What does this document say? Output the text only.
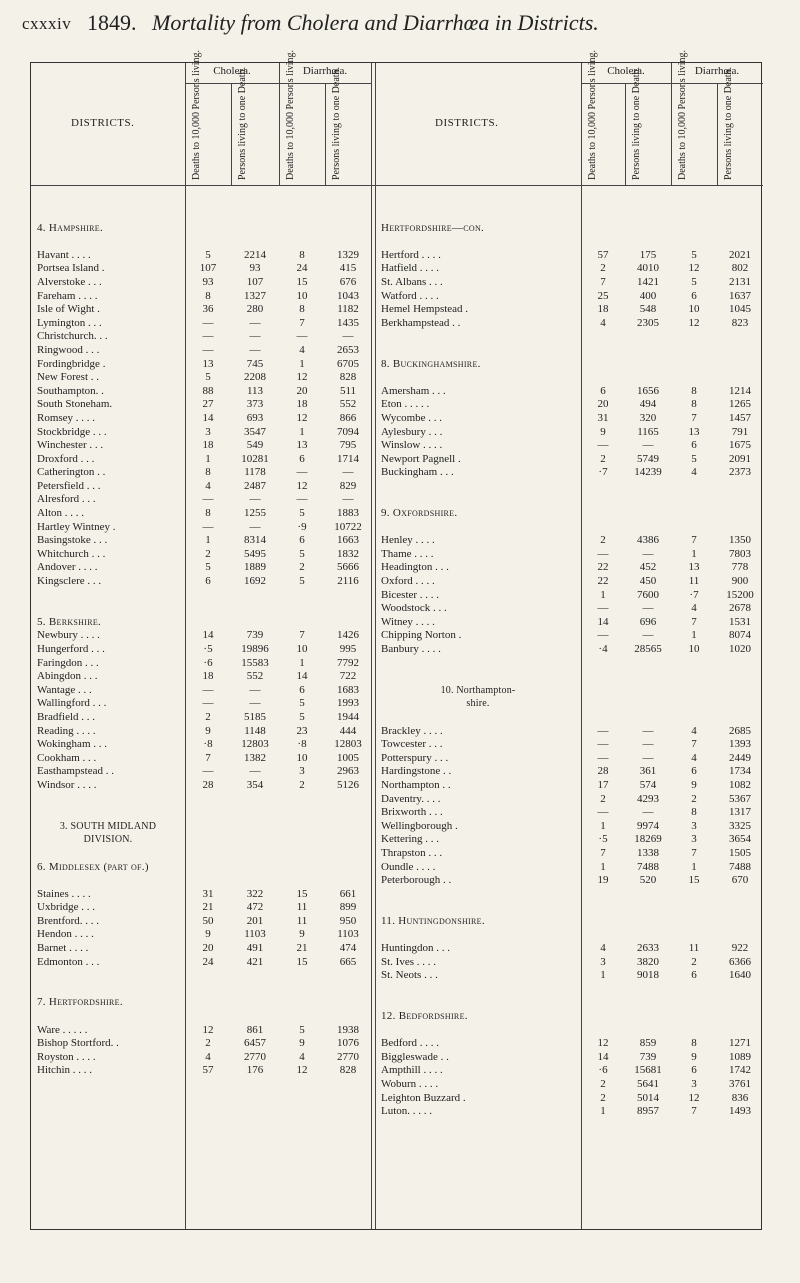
cxxxiv 1849. Mortality from Cholera and Diarrhœa in Districts.
DISTRICTS.	DISTRICTS.
Cholera.	Diarrhœa.	Cholera.	Diarrhœa.
Deaths to 10,000 Persons living.	Persons living to one Death.	Deaths to 10,000 Persons living.	Persons living to one Death.	Deaths to 10,000 Persons living.	Persons living to one Death.	Deaths to 10,000 Persons living.	Persons living to one Death.
4. Hampshire.
Havant . . . .	5	2214	8	1329
Portsea Island .	107	93	24	415
Alverstoke . . .	93	107	15	676
Fareham . . . .	8	1327	10	1043
Isle of Wight .	36	280	8	1182
Lymington . . .	—	—	7	1435
Christchurch. . .	—	—	—	—
Ringwood . . .	—	—	4	2653
Fordingbridge .	13	745	1	6705
New Forest . .	5	2208	12	828
Southampton. .	88	113	20	511
South Stoneham.	27	373	18	552
Romsey . . . .	14	693	12	866
Stockbridge . . .	3	3547	1	7094
Winchester . . .	18	549	13	795
Droxford . . .	1	10281	6	1714
Catherington . .	8	1178	—	—
Petersfield . . .	4	2487	12	829
Alresford . . .	—	—	—	—
Alton . . . .	8	1255	5	1883
Hartley Wintney .	—	—	·9	10722
Basingstoke . . .	1	8314	6	1663
Whitchurch . . .	2	5495	5	1832
Andover . . . .	5	1889	2	5666
Kingsclere . . .	6	1692	5	2116
5. Berkshire.
Newbury . . . .	14	739	7	1426
Hungerford . . .	·5	19896	10	995
Faringdon . . .	·6	15583	1	7792
Abingdon . . .	18	552	14	722
Wantage . . .	—	—	6	1683
Wallingford . . .	—	—	5	1993
Bradfield . . .	2	5185	5	1944
Reading . . . .	9	1148	23	444
Wokingham . . .	·8	12803	·8	12803
Cookham . . .	7	1382	10	1005
Easthampstead . .	—	—	3	2963
Windsor . . . .	28	354	2	5126
3. SOUTH MIDLAND
DIVISION.
6. Middlesex (part of.)
Staines . . . .	31	322	15	661
Uxbridge . . .	21	472	11	899
Brentford. . . .	50	201	11	950
Hendon . . . .	9	1103	9	1103
Barnet . . . .	20	491	21	474
Edmonton . . .	24	421	15	665
7. Hertfordshire.
Ware . . . . .	12	861	5	1938
Bishop Stortford. .	2	6457	9	1076
Royston . . . .	4	2770	4	2770
Hitchin . . . .	57	176	12	828
Hertfordshire—con.
Hertford . . . .	57	175	5	2021
Hatfield . . . .	2	4010	12	802
St. Albans . . .	7	1421	5	2131
Watford . . . .	25	400	6	1637
Hemel Hempstead .	18	548	10	1045
Berkhampstead . .	4	2305	12	823
8. Buckinghamshire.
Amersham . . .	6	1656	8	1214
Eton . . . . .	20	494	8	1265
Wycombe . . .	31	320	7	1457
Aylesbury . . .	9	1165	13	791
Winslow . . . .	—	—	6	1675
Newport Pagnell .	2	5749	5	2091
Buckingham . . .	·7	14239	4	2373
9. Oxfordshire.
Henley . . . .	2	4386	7	1350
Thame . . . .	—	—	1	7803
Headington . . .	22	452	13	778
Oxford . . . .	22	450	11	900
Bicester . . . .	1	7600	·7	15200
Woodstock . . .	—	—	4	2678
Witney . . . .	14	696	7	1531
Chipping Norton .	—	—	1	8074
Banbury . . . .	·4	28565	10	1020
10. Northampton-
shire.
Brackley . . . .	—	—	4	2685
Towcester . . .	—	—	7	1393
Potterspury . . .	—	—	4	2449
Hardingstone . .	28	361	6	1734
Northampton . .	17	574	9	1082
Daventry. . . .	2	4293	2	5367
Brixworth . . .	—	—	8	1317
Wellingborough .	1	9974	3	3325
Kettering . . .	·5	18269	3	3654
Thrapston . . .	7	1338	7	1505
Oundle . . . .	1	7488	1	7488
Peterborough . .	19	520	15	670
11. Huntingdonshire.
Huntingdon . . .	4	2633	11	922
St. Ives . . . .	3	3820	2	6366
St. Neots . . .	1	9018	6	1640
12. Bedfordshire.
Bedford . . . .	12	859	8	1271
Biggleswade . .	14	739	9	1089
Ampthill . . . .	·6	15681	6	1742
Woburn . . . .	2	5641	3	3761
Leighton Buzzard .	2	5014	12	836
Luton. . . . .	1	8957	7	1493
